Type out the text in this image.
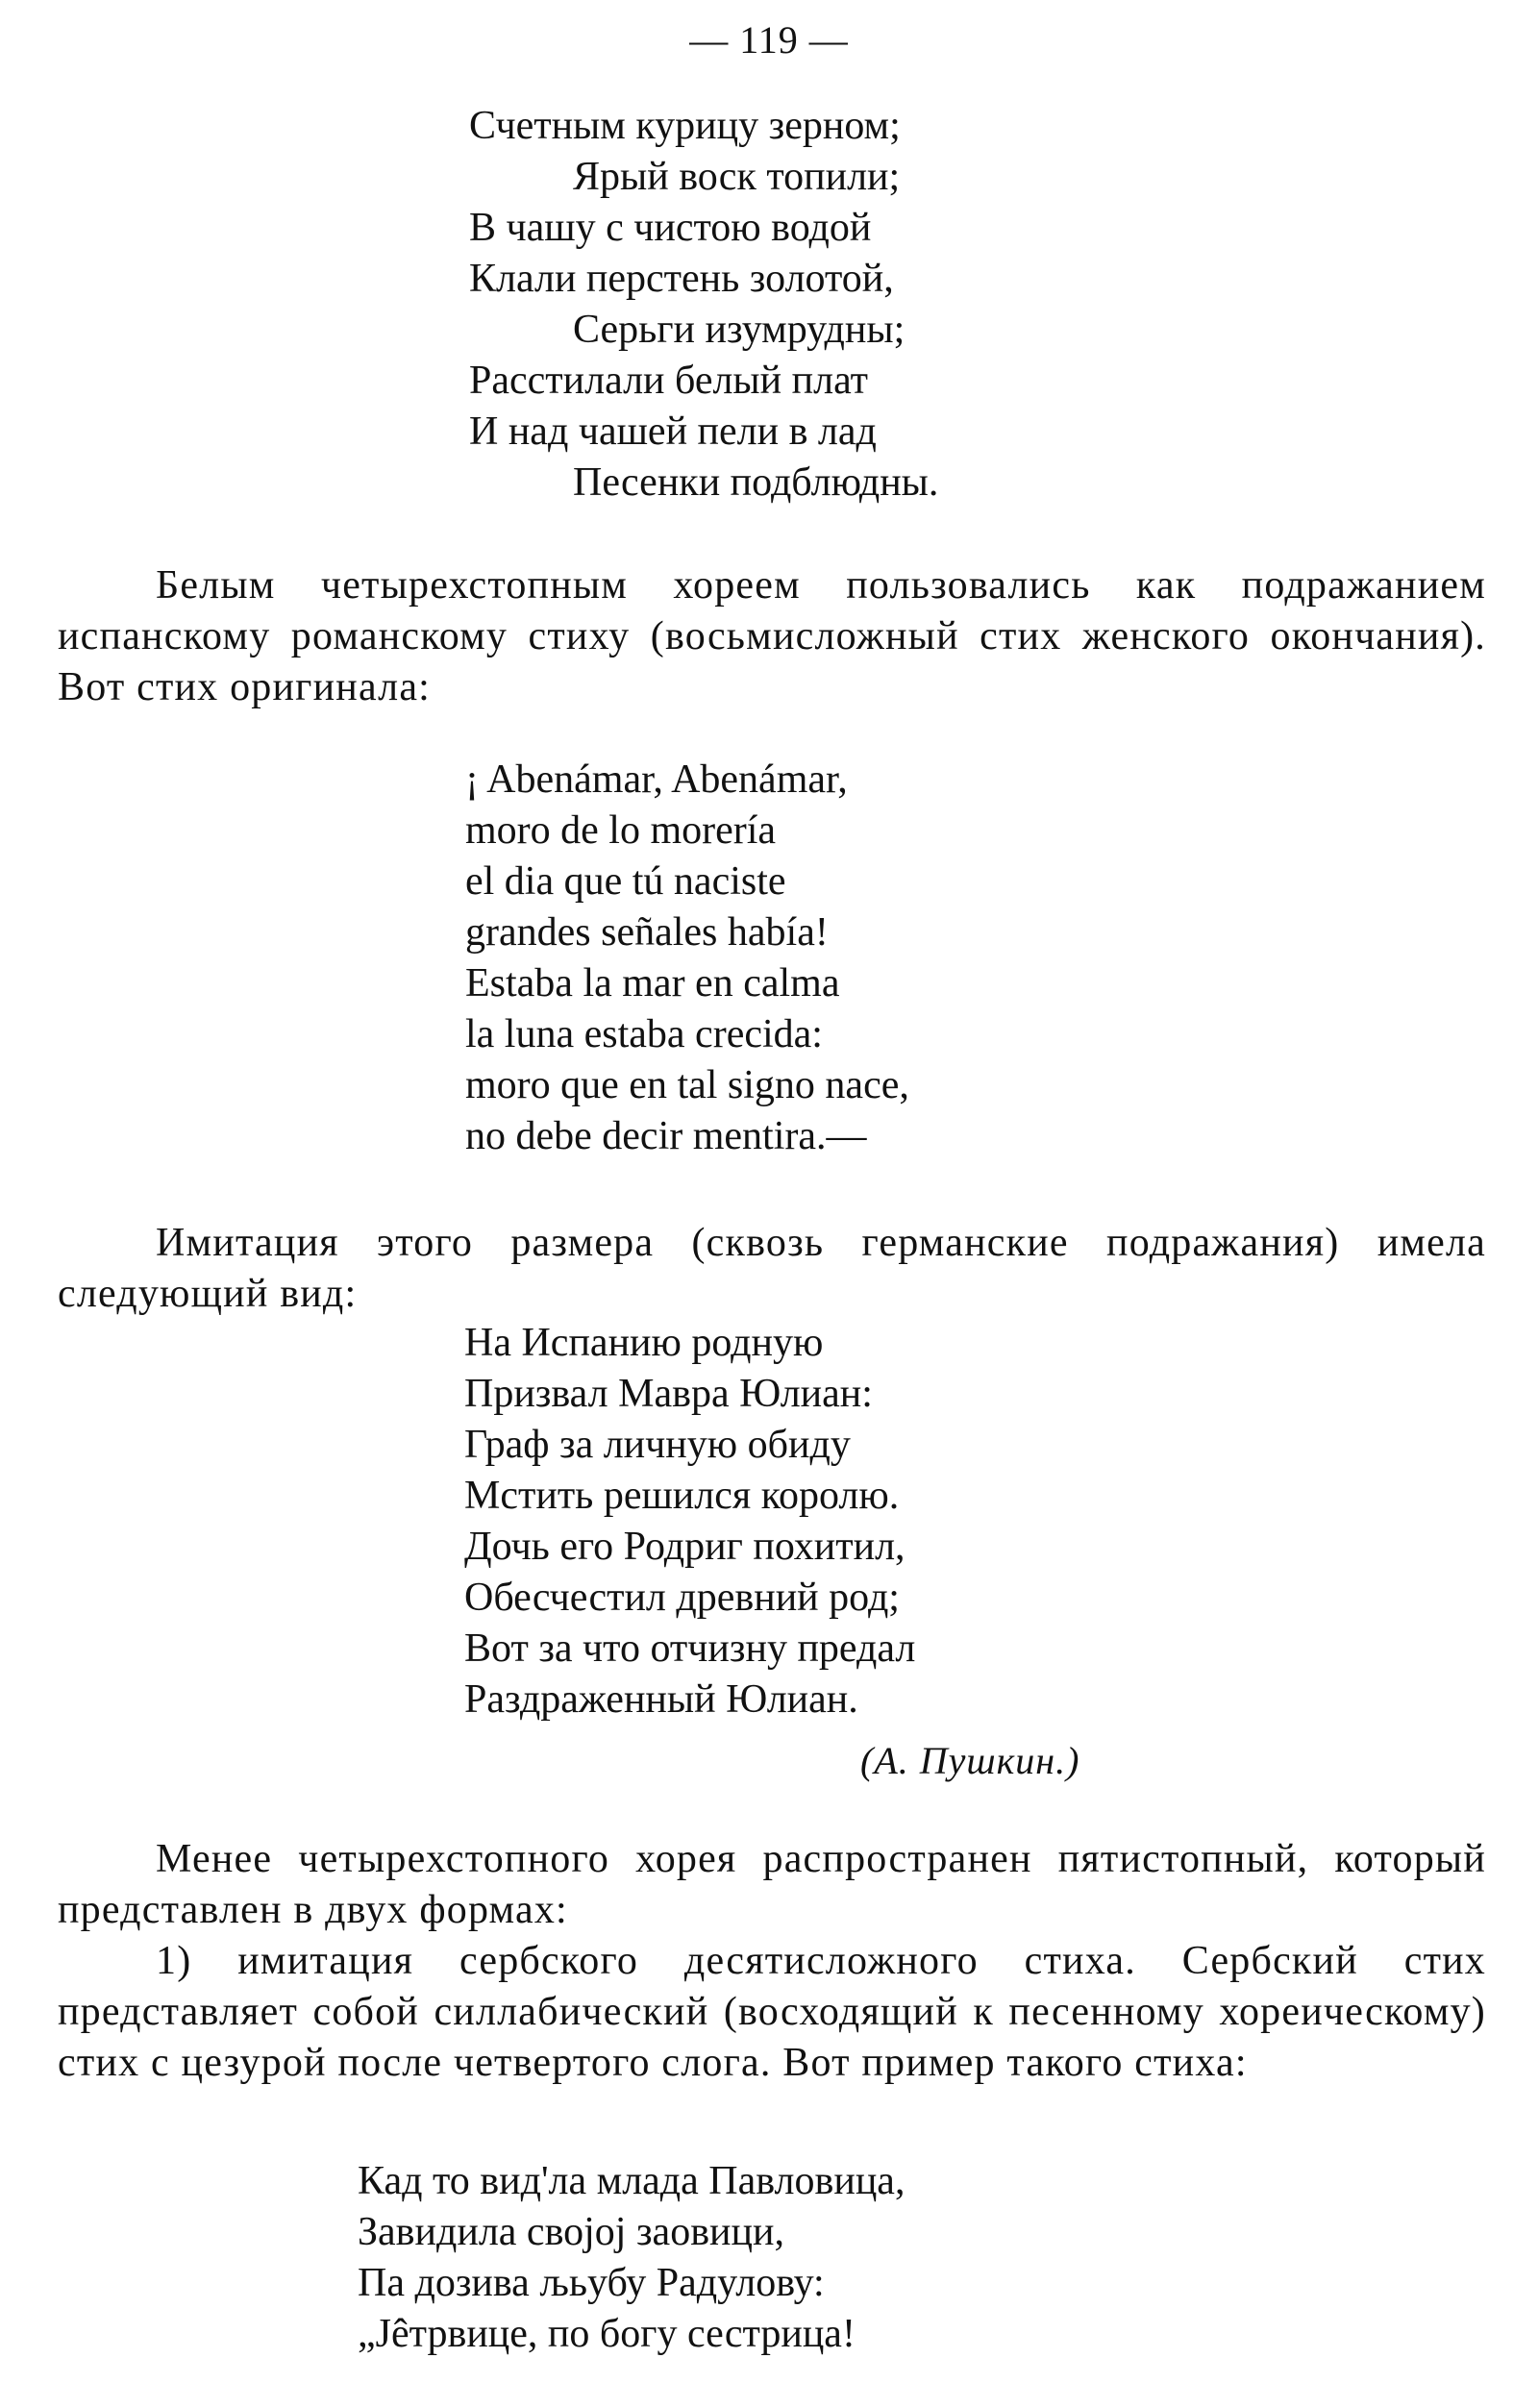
— 119 —
Счетным курицу зерном;
Ярый воск топили;
В чашу с чистою водой
Клали перстень золотой,
Серьги изумрудны;
Расстилали белый плат
И над чашей пели в лад
Песенки подблюдны.

Белым четырехстопным хореем пользовались как подражанием испанскому романскому стиху (восьмисложный стих женского окончания). Вот стих оригинала:

¡ Abenámar, Abenámar,
moro de lo morería
el dia que tú naciste
grandes señales había!
Estaba la mar en calma
la luna estaba crecida:
moro que en tal signo nace,
no debe decir mentira.—

Имитация этого размера (сквозь германские подражания) имела следующий вид:

На Испанию родную
Призвал Мавра Юлиан:
Граф за личную обиду
Мстить решился королю.
Дочь его Родриг похитил,
Обесчестил древний род;
Вот за что отчизну предал
Раздраженный Юлиан.
(А. Пушкин.)

Менее четырехстопного хорея распространен пятистопный, который представлен в двух формах:

1) имитация сербского десятисложного стиха. Сербский стих представляет собой силлабический (восходящий к песенному хореическому) стих с цезурой после четвертого слога. Вот пример такого стиха:

Кад то вид'ла млада Павловица,
Завидила својој заовици,
Па дозива љьубу Радулову:
„Jêтрвице, по богу сестрица!
